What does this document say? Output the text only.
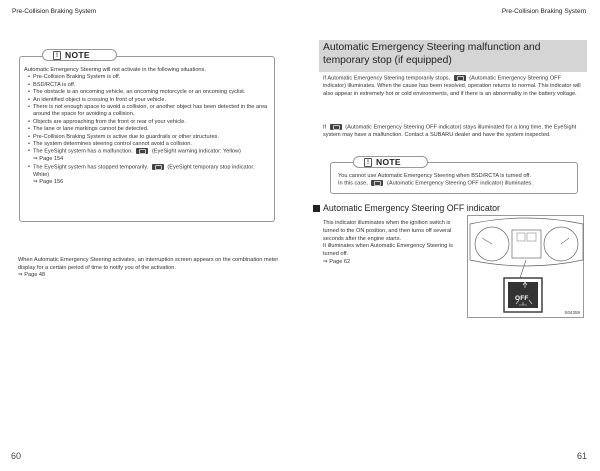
Pre-Collision Braking System	Pre-Collision Braking System
Automatic Emergency Steering will not activate in the following situations.
• Pre-Collision Braking System is off.
• BSD/RCTA is off.
• The obstacle is an oncoming vehicle, an oncoming motorcycle or an oncoming cyclist.
• An identified object is crossing in front of your vehicle.
• There is not enough space to avoid a collision, or another object has been detected in the area around the space for avoiding a collision.
• Objects are approaching from the front or rear of your vehicle.
• The lane or lane markings cannot be detected.
• Pre-Collision Braking System is active due to guardrails or other structures.
• The system determines steering control cannot avoid a collision.
• The EyeSight system has a malfunction.	(EyeSight warning indicator: Yellow)
⇒ Page 154
• The EyeSight system has stopped temporarily.	(EyeSight temporary stop indicator: White)
⇒ Page 156
! NOTE
When Automatic Emergency Steering activates, an interruption screen appears on the combination meter display for a certain period of time to notify you of the activation.
⇒ Page 48
60
Automatic Emergency Steering malfunction and temporary stop (if equipped)
If Automatic Emergency Steering temporarily stops,	(Automatic Emergency Steering OFF indicator) illuminates. When the cause has been resolved, operation returns to normal. This indicator will also appear in extremely hot or cold environments, and if there is an abnormality in the battery voltage.
If	(Automatic Emergency Steering OFF indicator) stays illuminated for a long time, the EyeSight system may have a malfunction. Contact a SUBARU dealer and have the system inspected.
You cannot use Automatic Emergency Steering when BSD/RCTA is turned off.
In this case,	(Automatic Emergency Steering OFF indicator) illuminates.
! NOTE
Automatic Emergency Steering OFF indicator
This indicator illuminates when the ignition switch is turned to the ON position, and then turns off several seconds after the engine starts.
It illuminates when Automatic Emergency Steering is turned off.
⇒ Page 62
OFF
S04359
61
